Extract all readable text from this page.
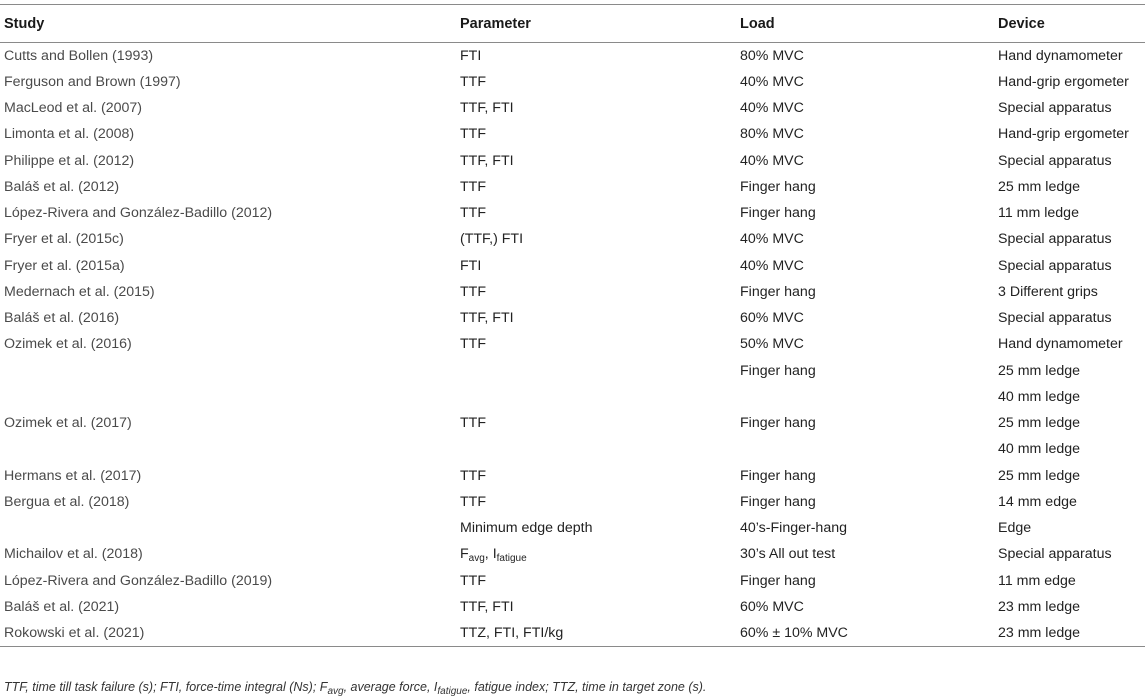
Study	Parameter	Load	Device
Cutts and Bollen (1993)	FTI	80% MVC	Hand dynamometer
Ferguson and Brown (1997)	TTF	40% MVC	Hand-grip ergometer
MacLeod et al. (2007)	TTF, FTI	40% MVC	Special apparatus
Limonta et al. (2008)	TTF	80% MVC	Hand-grip ergometer
Philippe et al. (2012)	TTF, FTI	40% MVC	Special apparatus
Baláš et al. (2012)	TTF	Finger hang	25 mm ledge
López-Rivera and González-Badillo (2012)	TTF	Finger hang	11 mm ledge
Fryer et al. (2015c)	(TTF,) FTI	40% MVC	Special apparatus
Fryer et al. (2015a)	FTI	40% MVC	Special apparatus
Medernach et al. (2015)	TTF	Finger hang	3 Different grips
Baláš et al. (2016)	TTF, FTI	60% MVC	Special apparatus
Ozimek et al. (2016)	TTF	50% MVC	Hand dynamometer
		Finger hang	25 mm ledge
			40 mm ledge
Ozimek et al. (2017)	TTF	Finger hang	25 mm ledge
			40 mm ledge
Hermans et al. (2017)	TTF	Finger hang	25 mm ledge
Bergua et al. (2018)	TTF	Finger hang	14 mm edge
	Minimum edge depth	40’s-Finger-hang	Edge
Michailov et al. (2018)	$F_{avg}$, $I_{fatigue}$	30’s All out test	Special apparatus
López-Rivera and González-Badillo (2019)	TTF	Finger hang	11 mm edge
Baláš et al. (2021)	TTF, FTI	60% MVC	23 mm ledge
Rokowski et al. (2021)	TTZ, FTI, FTI/kg	60% ± 10% MVC	23 mm ledge
TTF, time till task failure (s); FTI, force-time integral (Ns); $F_{avg}$, average force, $I_{fatigue}$, fatigue index; TTZ, time in target zone (s).
